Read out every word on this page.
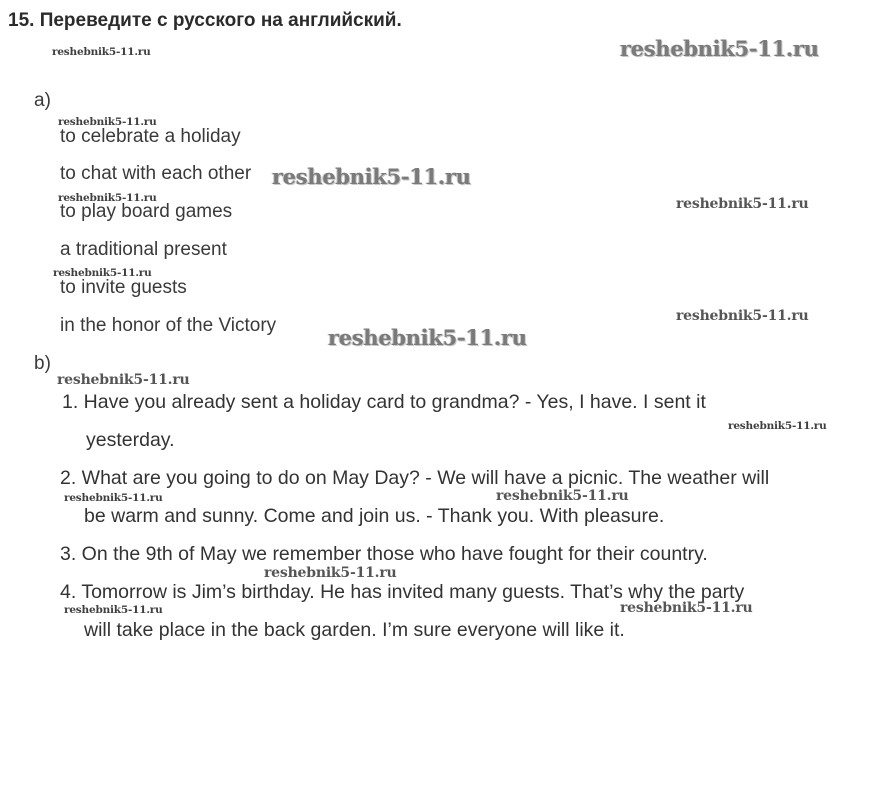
15. Переведите с русского на английский.
a)
to celebrate a holiday
to chat with each other
to play board games
a traditional present
to invite guests
in the honor of the Victory
b)
1. Have you already sent a holiday card to grandma? - Yes, I have. I sent it
yesterday.
2. What are you going to do on May Day? - We will have a picnic. The weather will
be warm and sunny. Come and join us. - Thank you. With pleasure.
3. On the 9th of May we remember those who have fought for their country.
4. Tomorrow is Jim’s birthday. He has invited many guests. That’s why the party
will take place in the back garden. I’m sure everyone will like it.
reshebnik5-11.ru	reshebnik5-11.ru
reshebnik5-11.ru
reshebnik5-11.ru
reshebnik5-11.ru	reshebnik5-11.ru
reshebnik5-11.ru
reshebnik5-11.ru
reshebnik5-11.ru
reshebnik5-11.ru
reshebnik5-11.ru
reshebnik5-11.ru	reshebnik5-11.ru
reshebnik5-11.ru
reshebnik5-11.ru	reshebnik5-11.ru
